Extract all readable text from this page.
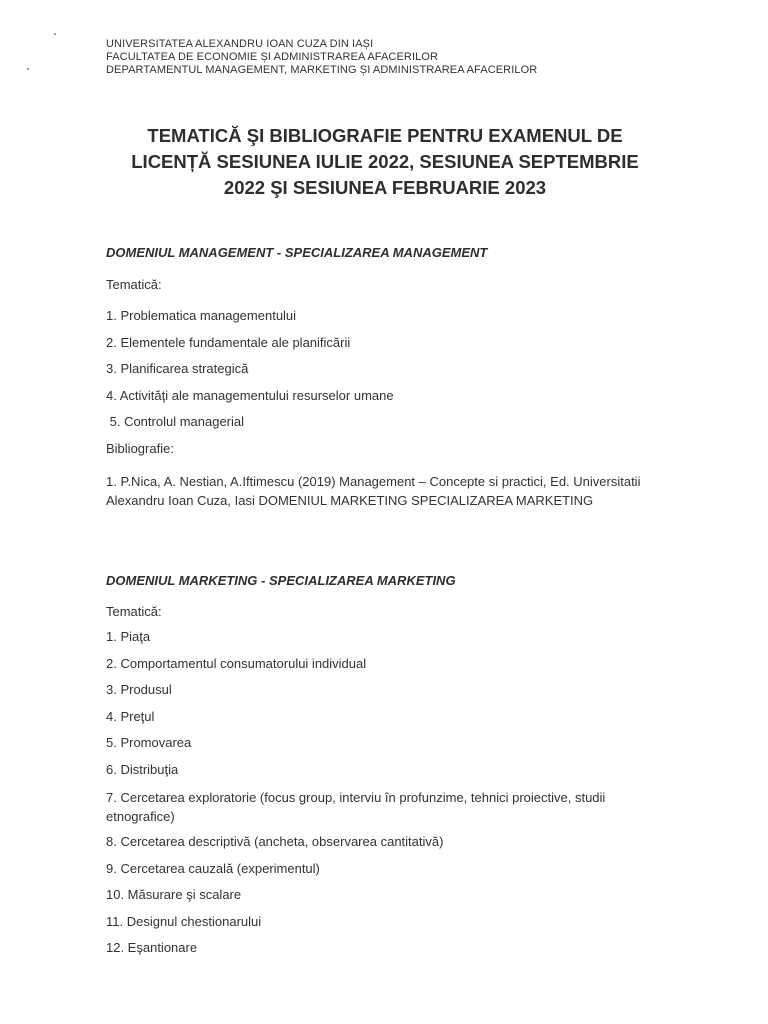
UNIVERSITATEA ALEXANDRU IOAN CUZA DIN IAȘI
FACULTATEA DE ECONOMIE ȘI ADMINISTRAREA AFACERILOR
DEPARTAMENTUL MANAGEMENT, MARKETING ȘI ADMINISTRAREA AFACERILOR
TEMATICĂ ŞI BIBLIOGRAFIE PENTRU EXAMENUL DE
LICENȚĂ SESIUNEA IULIE 2022, SESIUNEA SEPTEMBRIE
2022 ŞI SESIUNEA FEBRUARIE 2023
DOMENIUL MANAGEMENT - SPECIALIZAREA MANAGEMENT
Tematică:
1. Problematica managementului
2. Elementele fundamentale ale planificării
3. Planificarea strategică
4. Activităţi ale managementului resurselor umane
5. Controlul managerial
Bibliografie:
1. P.Nica, A. Nestian, A.Iftimescu (2019) Management – Concepte si practici, Ed. Universitatii Alexandru Ioan Cuza, Iasi DOMENIUL MARKETING SPECIALIZAREA MARKETING
DOMENIUL MARKETING - SPECIALIZAREA MARKETING
Tematică:
1. Piaţa
2. Comportamentul consumatorului individual
3. Produsul
4. Preţul
5. Promovarea
6. Distribuţia
7. Cercetarea exploratorie (focus group, interviu în profunzime, tehnici proiective, studii etnografice)
8. Cercetarea descriptivă (ancheta, observarea cantitativă)
9. Cercetarea cauzală (experimentul)
10. Măsurare şi scalare
11. Designul chestionarului
12. Eşantionare
